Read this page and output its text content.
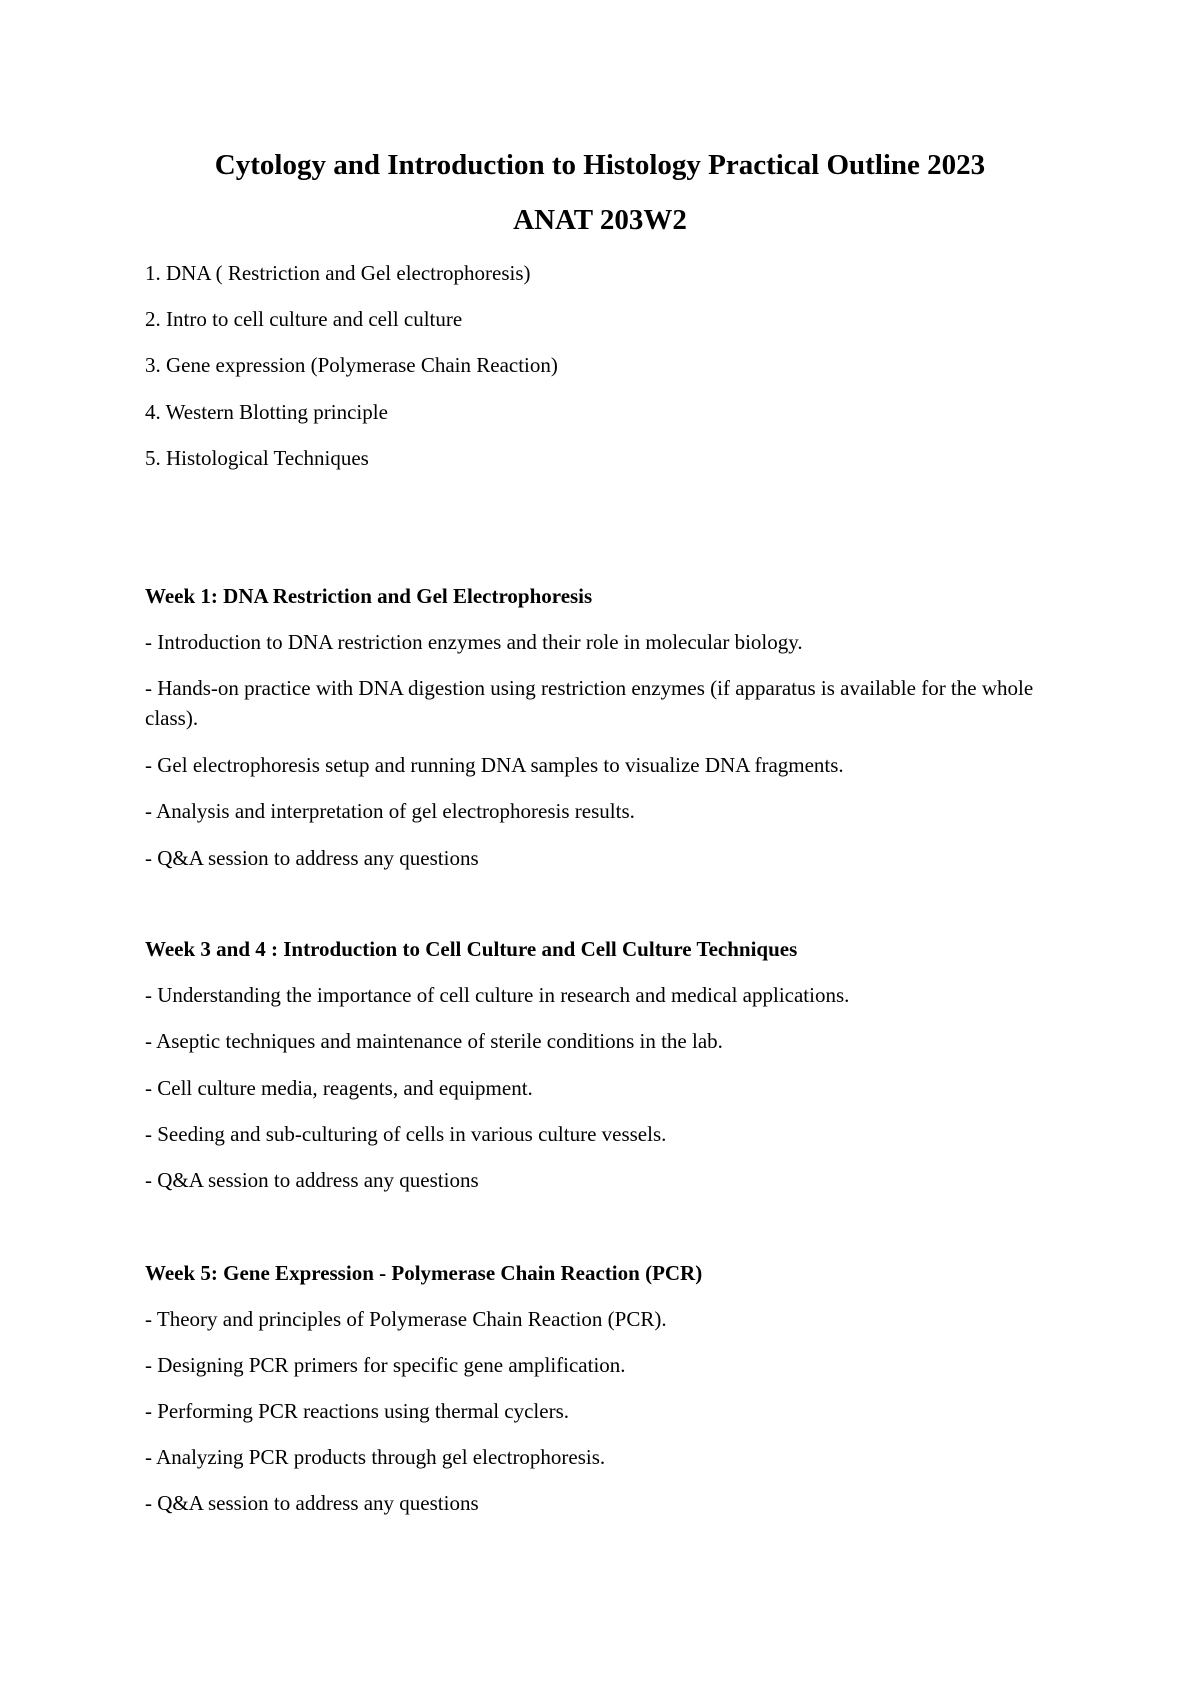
Cytology and Introduction to Histology Practical Outline 2023
ANAT 203W2

1. DNA ( Restriction and Gel electrophoresis)

2. Intro to cell culture and cell culture

3. Gene expression (Polymerase Chain Reaction)

4. Western Blotting principle

5. Histological Techniques

Week 1: DNA Restriction and Gel Electrophoresis

- Introduction to DNA restriction enzymes and their role in molecular biology.

- Hands-on practice with DNA digestion using restriction enzymes (if apparatus is available for the whole class).

- Gel electrophoresis setup and running DNA samples to visualize DNA fragments.

- Analysis and interpretation of gel electrophoresis results.

- Q&A session to address any questions

Week 3 and 4 : Introduction to Cell Culture and Cell Culture Techniques

- Understanding the importance of cell culture in research and medical applications.

- Aseptic techniques and maintenance of sterile conditions in the lab.

- Cell culture media, reagents, and equipment.

- Seeding and sub-culturing of cells in various culture vessels.

- Q&A session to address any questions

Week 5: Gene Expression - Polymerase Chain Reaction (PCR)

- Theory and principles of Polymerase Chain Reaction (PCR).

- Designing PCR primers for specific gene amplification.

- Performing PCR reactions using thermal cyclers.

- Analyzing PCR products through gel electrophoresis.

- Q&A session to address any questions
